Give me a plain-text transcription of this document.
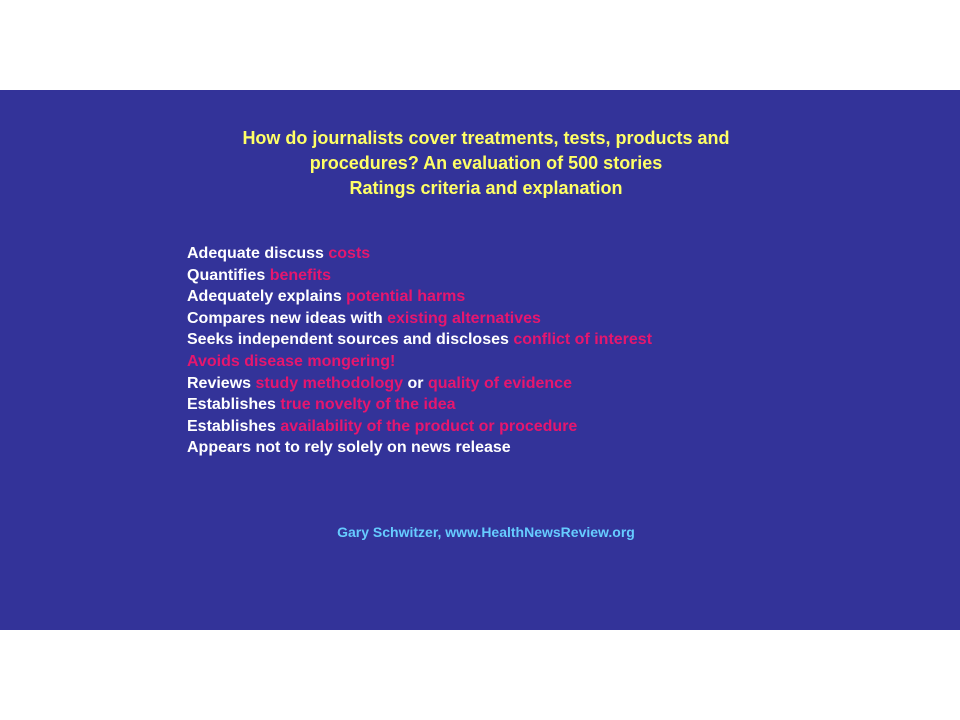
How do journalists cover treatments, tests, products and
procedures? An evaluation of 500 stories
Ratings criteria and explanation
Adequate discuss costs
Quantifies benefits
Adequately explains potential harms
Compares new ideas with existing alternatives
Seeks independent sources and discloses conflict of interest
Avoids disease mongering!
Reviews study methodology or quality of evidence
Establishes true novelty of the idea
Establishes availability of the product or procedure
Appears not to rely solely on news release
Gary Schwitzer, www.HealthNewsReview.org
